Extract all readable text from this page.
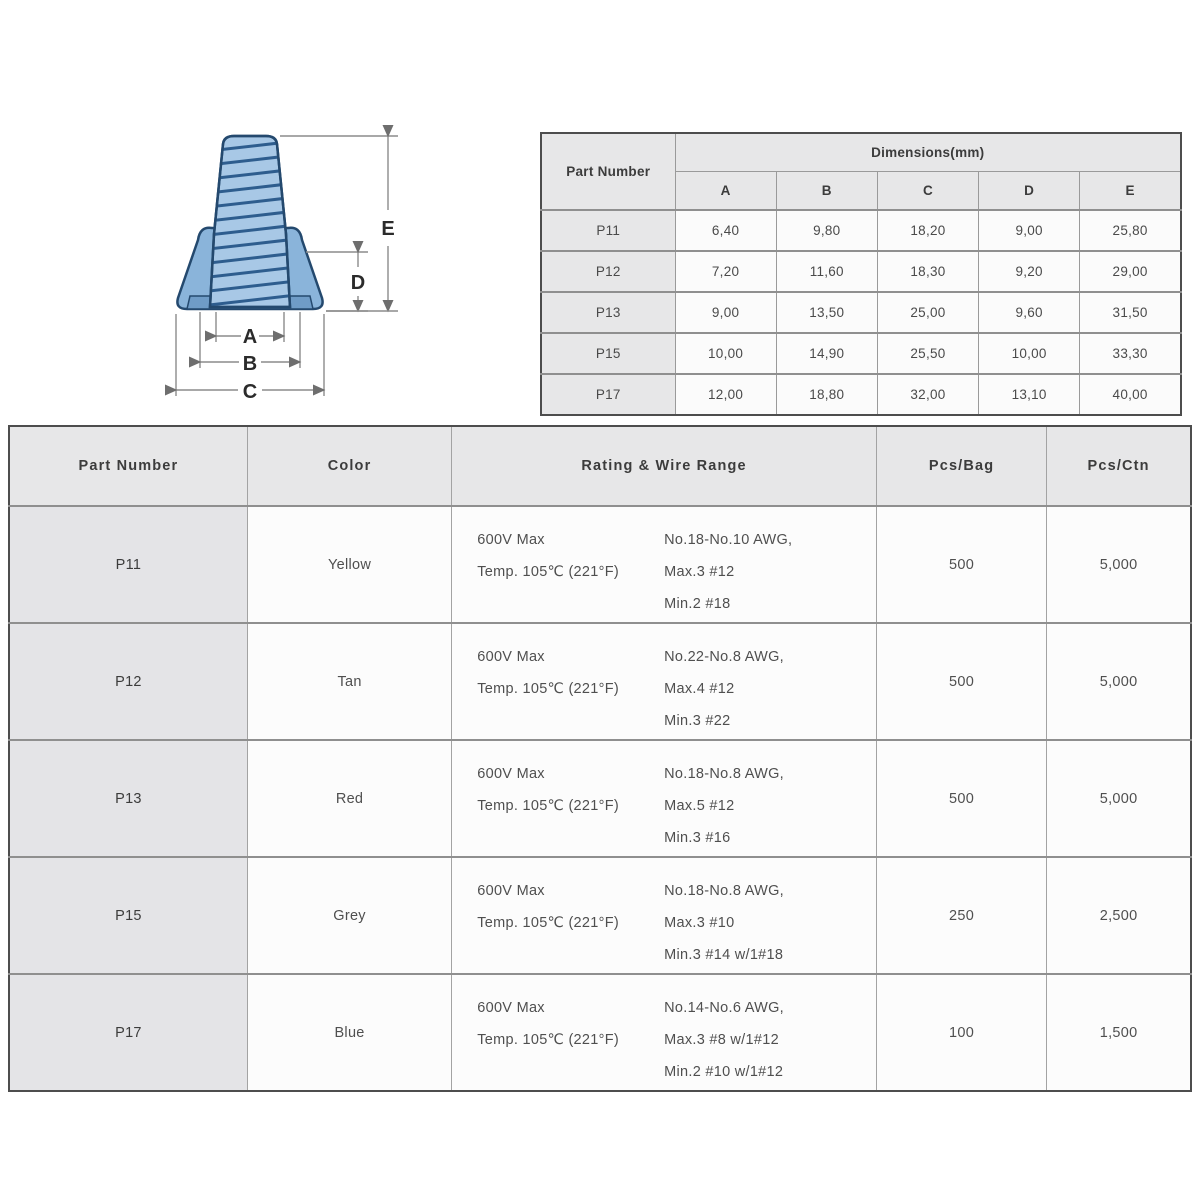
A
B
C
D
E
Part Number	Dimensions(mm)				
	A	B	C	D	E
P11	6,40	9,80	18,20	9,00	25,80
P12	7,20	11,60	18,30	9,20	29,00
P13	9,00	13,50	25,00	9,60	31,50
P15	10,00	14,90	25,50	10,00	33,30
P17	12,00	18,80	32,00	13,10	40,00
Part Number	Color	Rating & Wire Range	Pcs/Bag	Pcs/Ctn
P11	Yellow	600V Max
Temp. 105℃ (221°F)
No.18-No.10 AWG,
Max.3 #12
Min.2 #18	500	5,000
P12	Tan	600V Max
Temp. 105℃ (221°F)
No.22-No.8 AWG,
Max.4 #12
Min.3 #22	500	5,000
P13	Red	600V Max
Temp. 105℃ (221°F)
No.18-No.8 AWG,
Max.5 #12
Min.3 #16	500	5,000
P15	Grey	600V Max
Temp. 105℃ (221°F)
No.18-No.8 AWG,
Max.3 #10
Min.3 #14 w/1#18	250	2,500
P17	Blue	600V Max
Temp. 105℃ (221°F)
No.14-No.6 AWG,
Max.3 #8 w/1#12
Min.2 #10 w/1#12	100	1,500
